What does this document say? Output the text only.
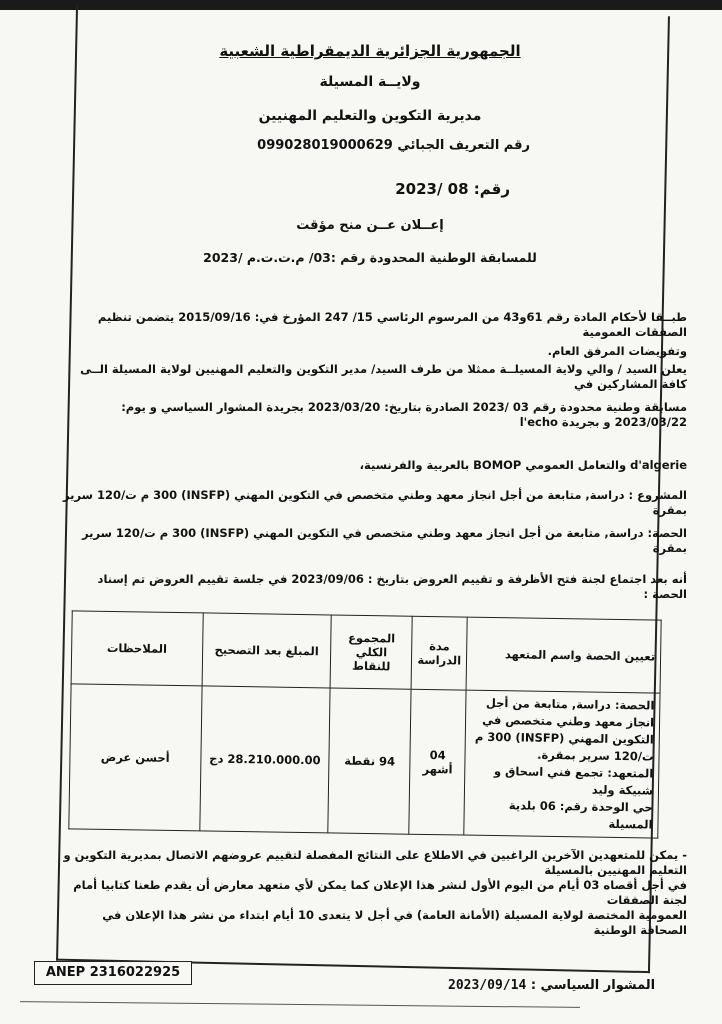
الجمهورية الجزائرية الديمقراطية الشعبية
ولايــة المسيلة
مديرية التكوين والتعليم المهنيين
رقم التعريف الجبائي 099028019000629
رقم: 08 /2023
إعــلان عــن منح مؤقت
للمسابقة الوطنية المحدودة رقم :03/ م.ت.ت.م /2023
طبــقا لأحكام المادة رقم 61و43 من المرسوم الرئاسي 15/ 247 المؤرخ في: 2015/09/16 يتضمن تنظيم الصفقات العمومية
وتفويضات المرفق العام.
يعلن السيد / والي ولاية المسيلــة ممثلا من طرف السيد/ مدير التكوين والتعليم المهنيين لولاية المسيلة الــى كافة المشاركين في
مسابقة وطنية محدودة رقم 03 /2023 الصادرة بتاريخ: 2023/03/20 بجريدة المشوار السياسي و يوم: 2023/03/22 و بجريدة l'echo
d'algerie والتعامل العمومي BOMOP بالعربية والفرنسية،
المشروع : دراسة, متابعة من أجل انجاز معهد وطني متخصص في التكوين المهني (INSFP) 300 م ت/120 سرير بمقرة
الحصة: دراسة, متابعة من أجل انجاز معهد وطني متخصص في التكوين المهني (INSFP) 300 م ت/120 سرير بمقرة
أنه بعد اجتماع لجنة فتح الأظرفة و تقييم العروض بتاريخ : 2023/09/06 في جلسة تقييم العروض تم إسناد الحصة :
تعيين الحصة واسم المتعهد	مدة الدراسة	المجموع الكلي للنقاط	المبلغ بعد التصحيح	الملاحظات

الحصة: دراسة, متابعة من أجل انجاز معهد وطني متخصص في التكوين المهني (INSFP) 300 م ت/120 سرير بمقرة.
المتعهد: تجمع فني اسحاق و شبيكة وليد
حي الوحدة رقم: 06 بلدية المسيلة	04 أشهر	94 نقطة	28.210.000.00 دج	أحسن عرض
- يمكن للمتعهدين الآخرين الراغبين في الاطلاع على النتائج المفصلة لتقييم عروضهم الاتصال بمديرية التكوين و التعليم المهنيين بالمسيلة
في أجل أقصاه 03 أيام من اليوم الأول لنشر هذا الإعلان كما يمكن لأي متعهد معارض أن يقدم طعنا كتابيا أمام لجنة الصفقات
العمومية المختصة لولاية المسيلة (الأمانة العامة) في أجل لا يتعدى 10 أيام ابتداء من نشر هذا الإعلان في الصحافة الوطنية
ANEP 2316022925
المشوار السياسي : 2023/09/14
